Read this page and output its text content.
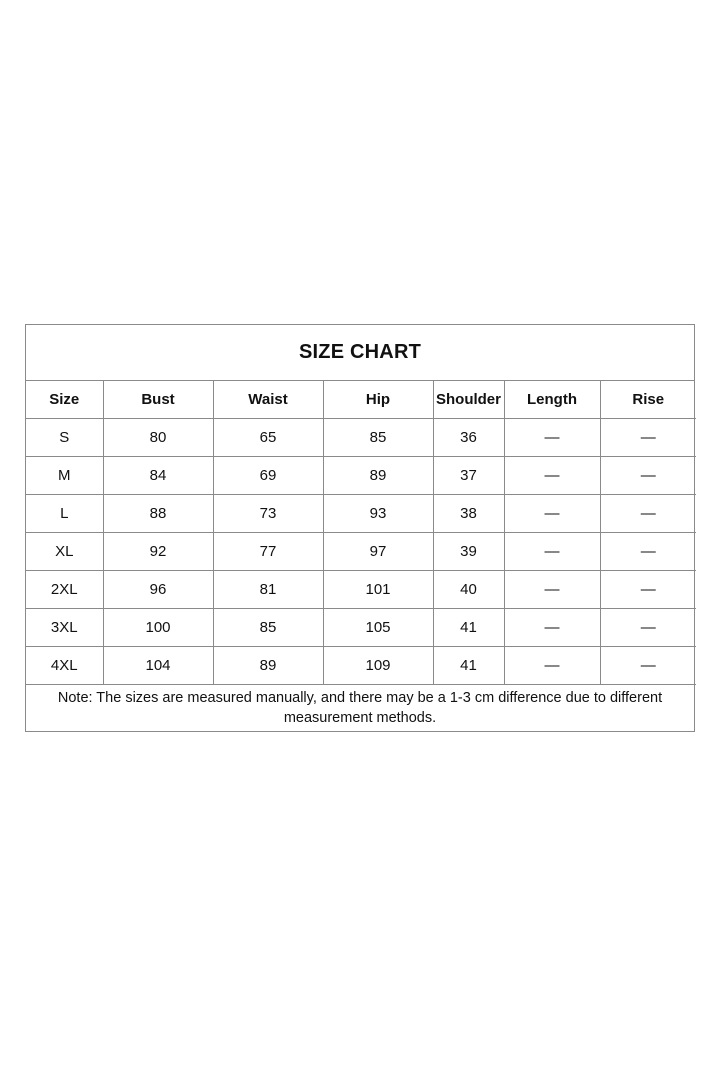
SIZE CHART
Size	Bust	Waist	Hip	Shoulder	Length	Rise
S	80	65	85	36	—	—
M	84	69	89	37	—	—
L	88	73	93	38	—	—
XL	92	77	97	39	—	—
2XL	96	81	101	40	—	—
3XL	100	85	105	41	—	—
4XL	104	89	109	41	—	—
Note: The sizes are measured manually, and there may be a 1-3 cm difference due to different measurement methods.
